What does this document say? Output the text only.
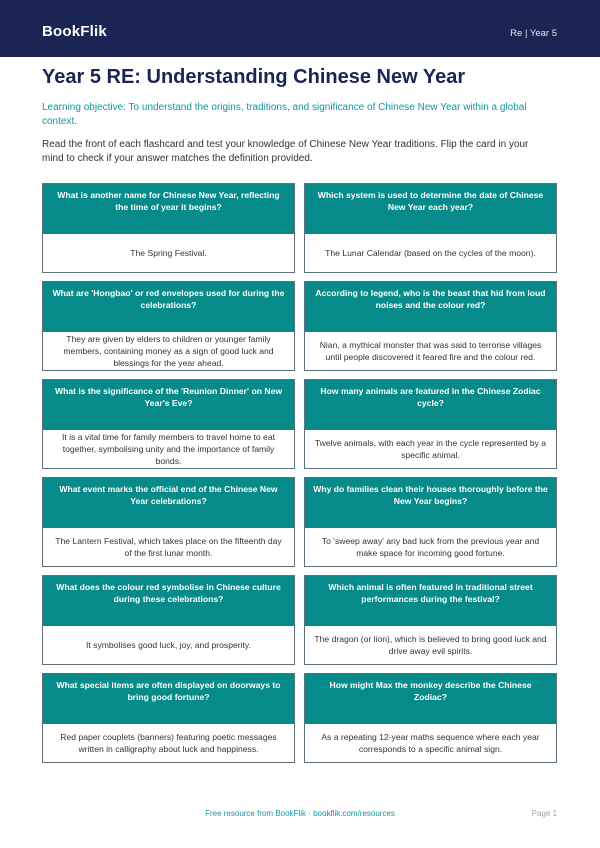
BookFlik	Re | Year 5
Year 5 RE: Understanding Chinese New Year

Learning objective: To understand the origins, traditions, and significance of Chinese New Year within a global context.

Read the front of each flashcard and test your knowledge of Chinese New Year traditions. Flip the card in your mind to check if your answer matches the definition provided.

What is another name for Chinese New Year, reflecting the time of year it begins?
The Spring Festival.
Which system is used to determine the date of Chinese New Year each year?
The Lunar Calendar (based on the cycles of the moon).
What are 'Hongbao' or red envelopes used for during the celebrations?
They are given by elders to children or younger family members, containing money as a sign of good luck and blessings for the year ahead.
According to legend, who is the beast that hid from loud noises and the colour red?
Nian, a mythical monster that was said to terrorise villages until people discovered it feared fire and the colour red.
What is the significance of the 'Reunion Dinner' on New Year's Eve?
It is a vital time for family members to travel home to eat together, symbolising unity and the importance of family bonds.
How many animals are featured in the Chinese Zodiac cycle?
Twelve animals, with each year in the cycle represented by a specific animal.
What event marks the official end of the Chinese New Year celebrations?
The Lantern Festival, which takes place on the fifteenth day of the first lunar month.
Why do families clean their houses thoroughly before the New Year begins?
To 'sweep away' any bad luck from the previous year and make space for incoming good fortune.
What does the colour red symbolise in Chinese culture during these celebrations?
It symbolises good luck, joy, and prosperity.
Which animal is often featured in traditional street performances during the festival?
The dragon (or lion), which is believed to bring good luck and drive away evil spirits.
What special items are often displayed on doorways to bring good fortune?
Red paper couplets (banners) featuring poetic messages written in calligraphy about luck and happiness.
How might Max the monkey describe the Chinese Zodiac?
As a repeating 12-year maths sequence where each year corresponds to a specific animal sign.
Free resource from BookFlik · bookflik.com/resources	Page 1
